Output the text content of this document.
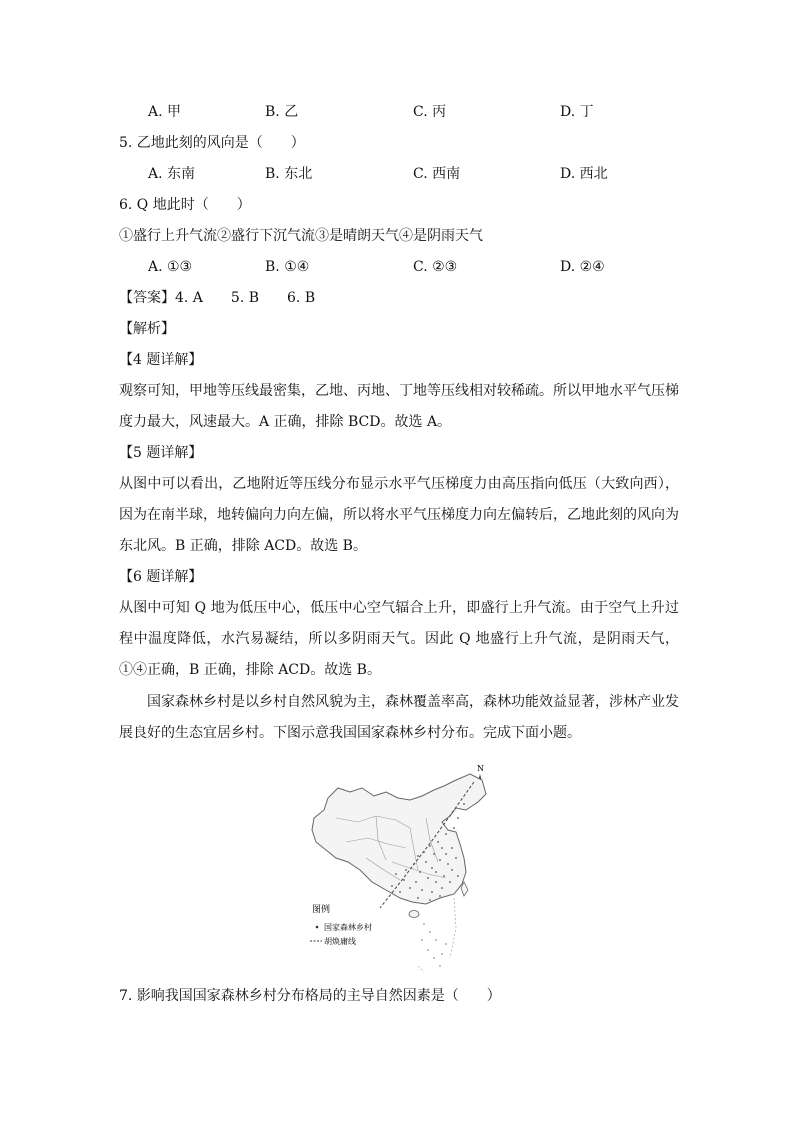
A. 甲	B. 乙	C. 丙	D. 丁
5. 乙地此刻的风向是（　　）
A. 东南	B. 东北	C. 西南	D. 西北
6. Q 地此时（　　）
①盛行上升气流②盛行下沉气流③是晴朗天气④是阴雨天气
A. ①③	B. ①④	C. ②③	D. ②④
【答案】4. A　　5. B　　6. B
【解析】
【4 题详解】
观察可知，甲地等压线最密集，乙地、丙地、丁地等压线相对较稀疏。所以甲地水平气压梯度力最大，风速最大。A 正确，排除 BCD。故选 A。
【5 题详解】
从图中可以看出，乙地附近等压线分布显示水平气压梯度力由高压指向低压（大致向西），因为在南半球，地转偏向力向左偏，所以将水平气压梯度力向左偏转后，乙地此刻的风向为东北风。B 正确，排除 ACD。故选 B。
【6 题详解】
从图中可知 Q 地为低压中心，低压中心空气辐合上升，即盛行上升气流。由于空气上升过程中温度降低，水汽易凝结，所以多阴雨天气。因此 Q 地盛行上升气流，是阴雨天气，①④正确，B 正确，排除 ACD。故选 B。
国家森林乡村是以乡村自然风貌为主，森林覆盖率高，森林功能效益显著，涉林产业发展良好的生态宜居乡村。下图示意我国国家森林乡村分布。完成下面小题。
N
图例
国家森林乡村
胡焕庸线
7. 影响我国国家森林乡村分布格局的主导自然因素是（　　）
